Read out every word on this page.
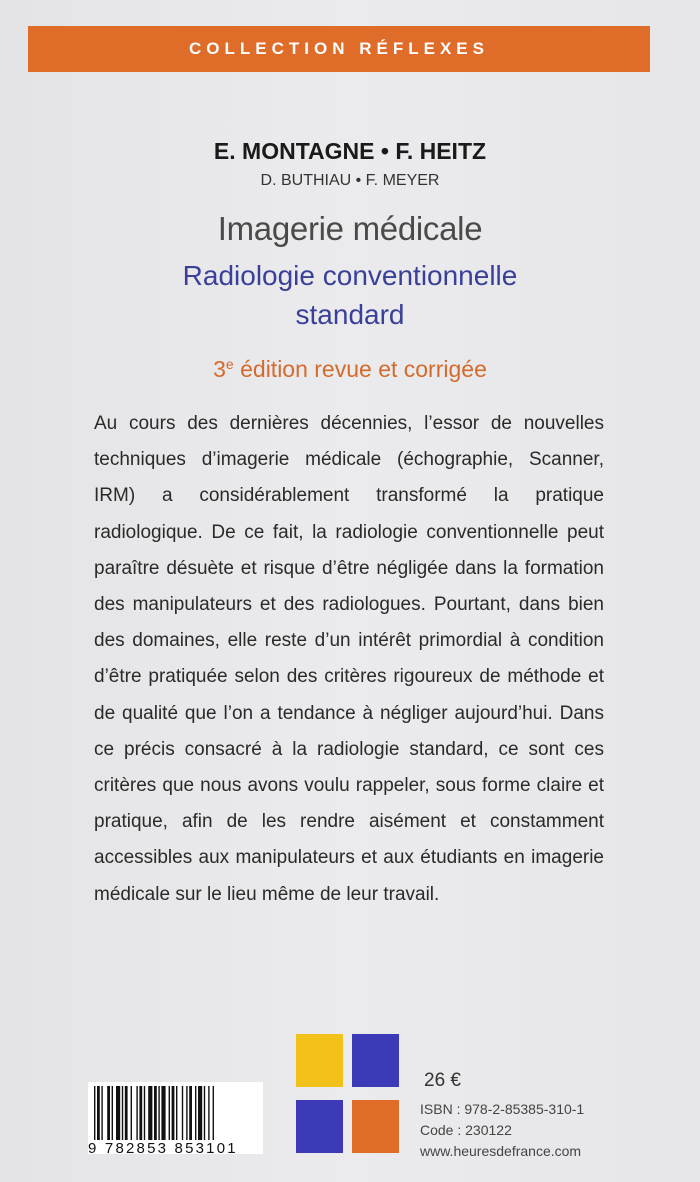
COLLECTION RÉFLEXES
E. MONTAGNE • F. HEITZ
D. BUTHIAU • F. MEYER
Imagerie médicale
Radiologie conventionnelle
standard
3e édition revue et corrigée
Au cours des dernières décennies, l’essor de nouvelles techniques d’imagerie médicale (échographie, Scanner, IRM) a considérablement transformé la pratique radiologique. De ce fait, la radiologie conventionnelle peut paraître désuète et risque d’être négligée dans la formation des manipulateurs et des radiologues. Pourtant, dans bien des domaines, elle reste d’un intérêt primordial à condition d’être pratiquée selon des critères rigoureux de méthode et de qualité que l’on a tendance à négliger aujourd’hui. Dans ce précis consacré à la radiologie standard, ce sont ces critères que nous avons voulu rappeler, sous forme claire et pratique, afin de les rendre aisément et constamment accessibles aux manipulateurs et aux étudiants en imagerie médicale sur le lieu même de leur travail.
9 782853 853101
26 €
ISBN : 978-2-85385-310-1
Code : 230122
www.heuresdefrance.com
